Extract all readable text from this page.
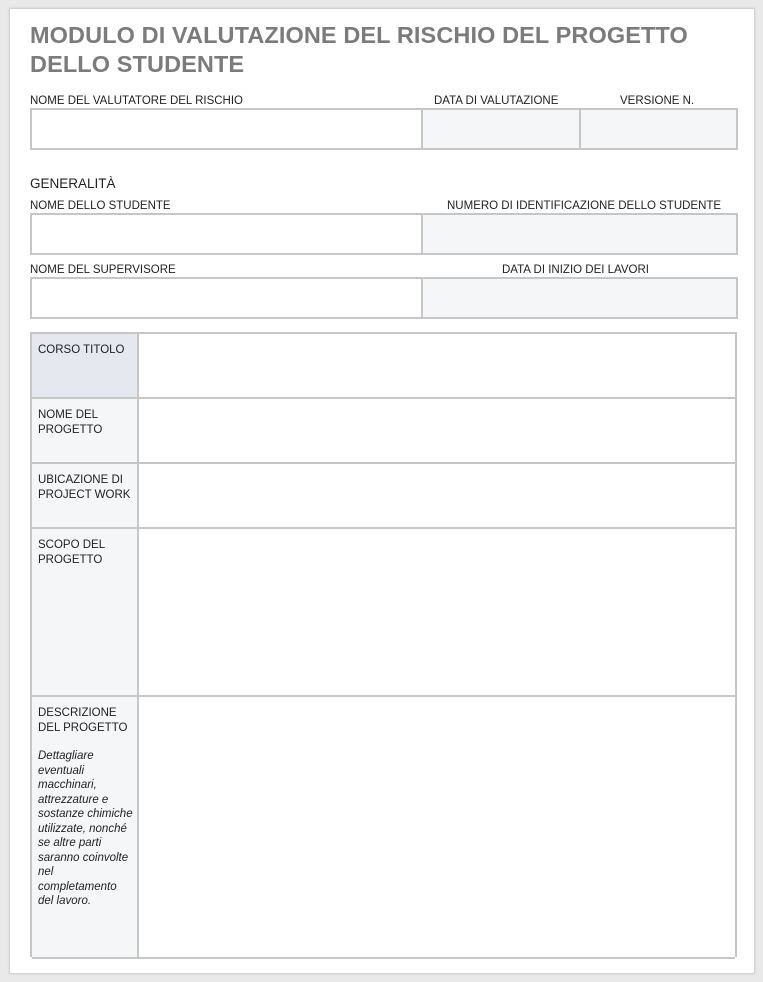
MODULO DI VALUTAZIONE DEL RISCHIO DEL PROGETTO DELLO STUDENTE
NOME DEL VALUTATORE DEL RISCHIO	DATA DI VALUTAZIONE	VERSIONE N.
GENERALITÀ
NOME DELLO STUDENTE	NUMERO DI IDENTIFICAZIONE DELLO STUDENTE
NOME DEL SUPERVISORE	DATA DI INIZIO DEI LAVORI
CORSO TITOLO
NOME DEL PROGETTO
UBICAZIONE DI PROJECT WORK
SCOPO DEL PROGETTO
DESCRIZIONE DEL PROGETTO
Dettagliare eventuali macchinari, attrezzature e sostanze chimiche utilizzate, nonché se altre parti saranno coinvolte nel completamento del lavoro.
